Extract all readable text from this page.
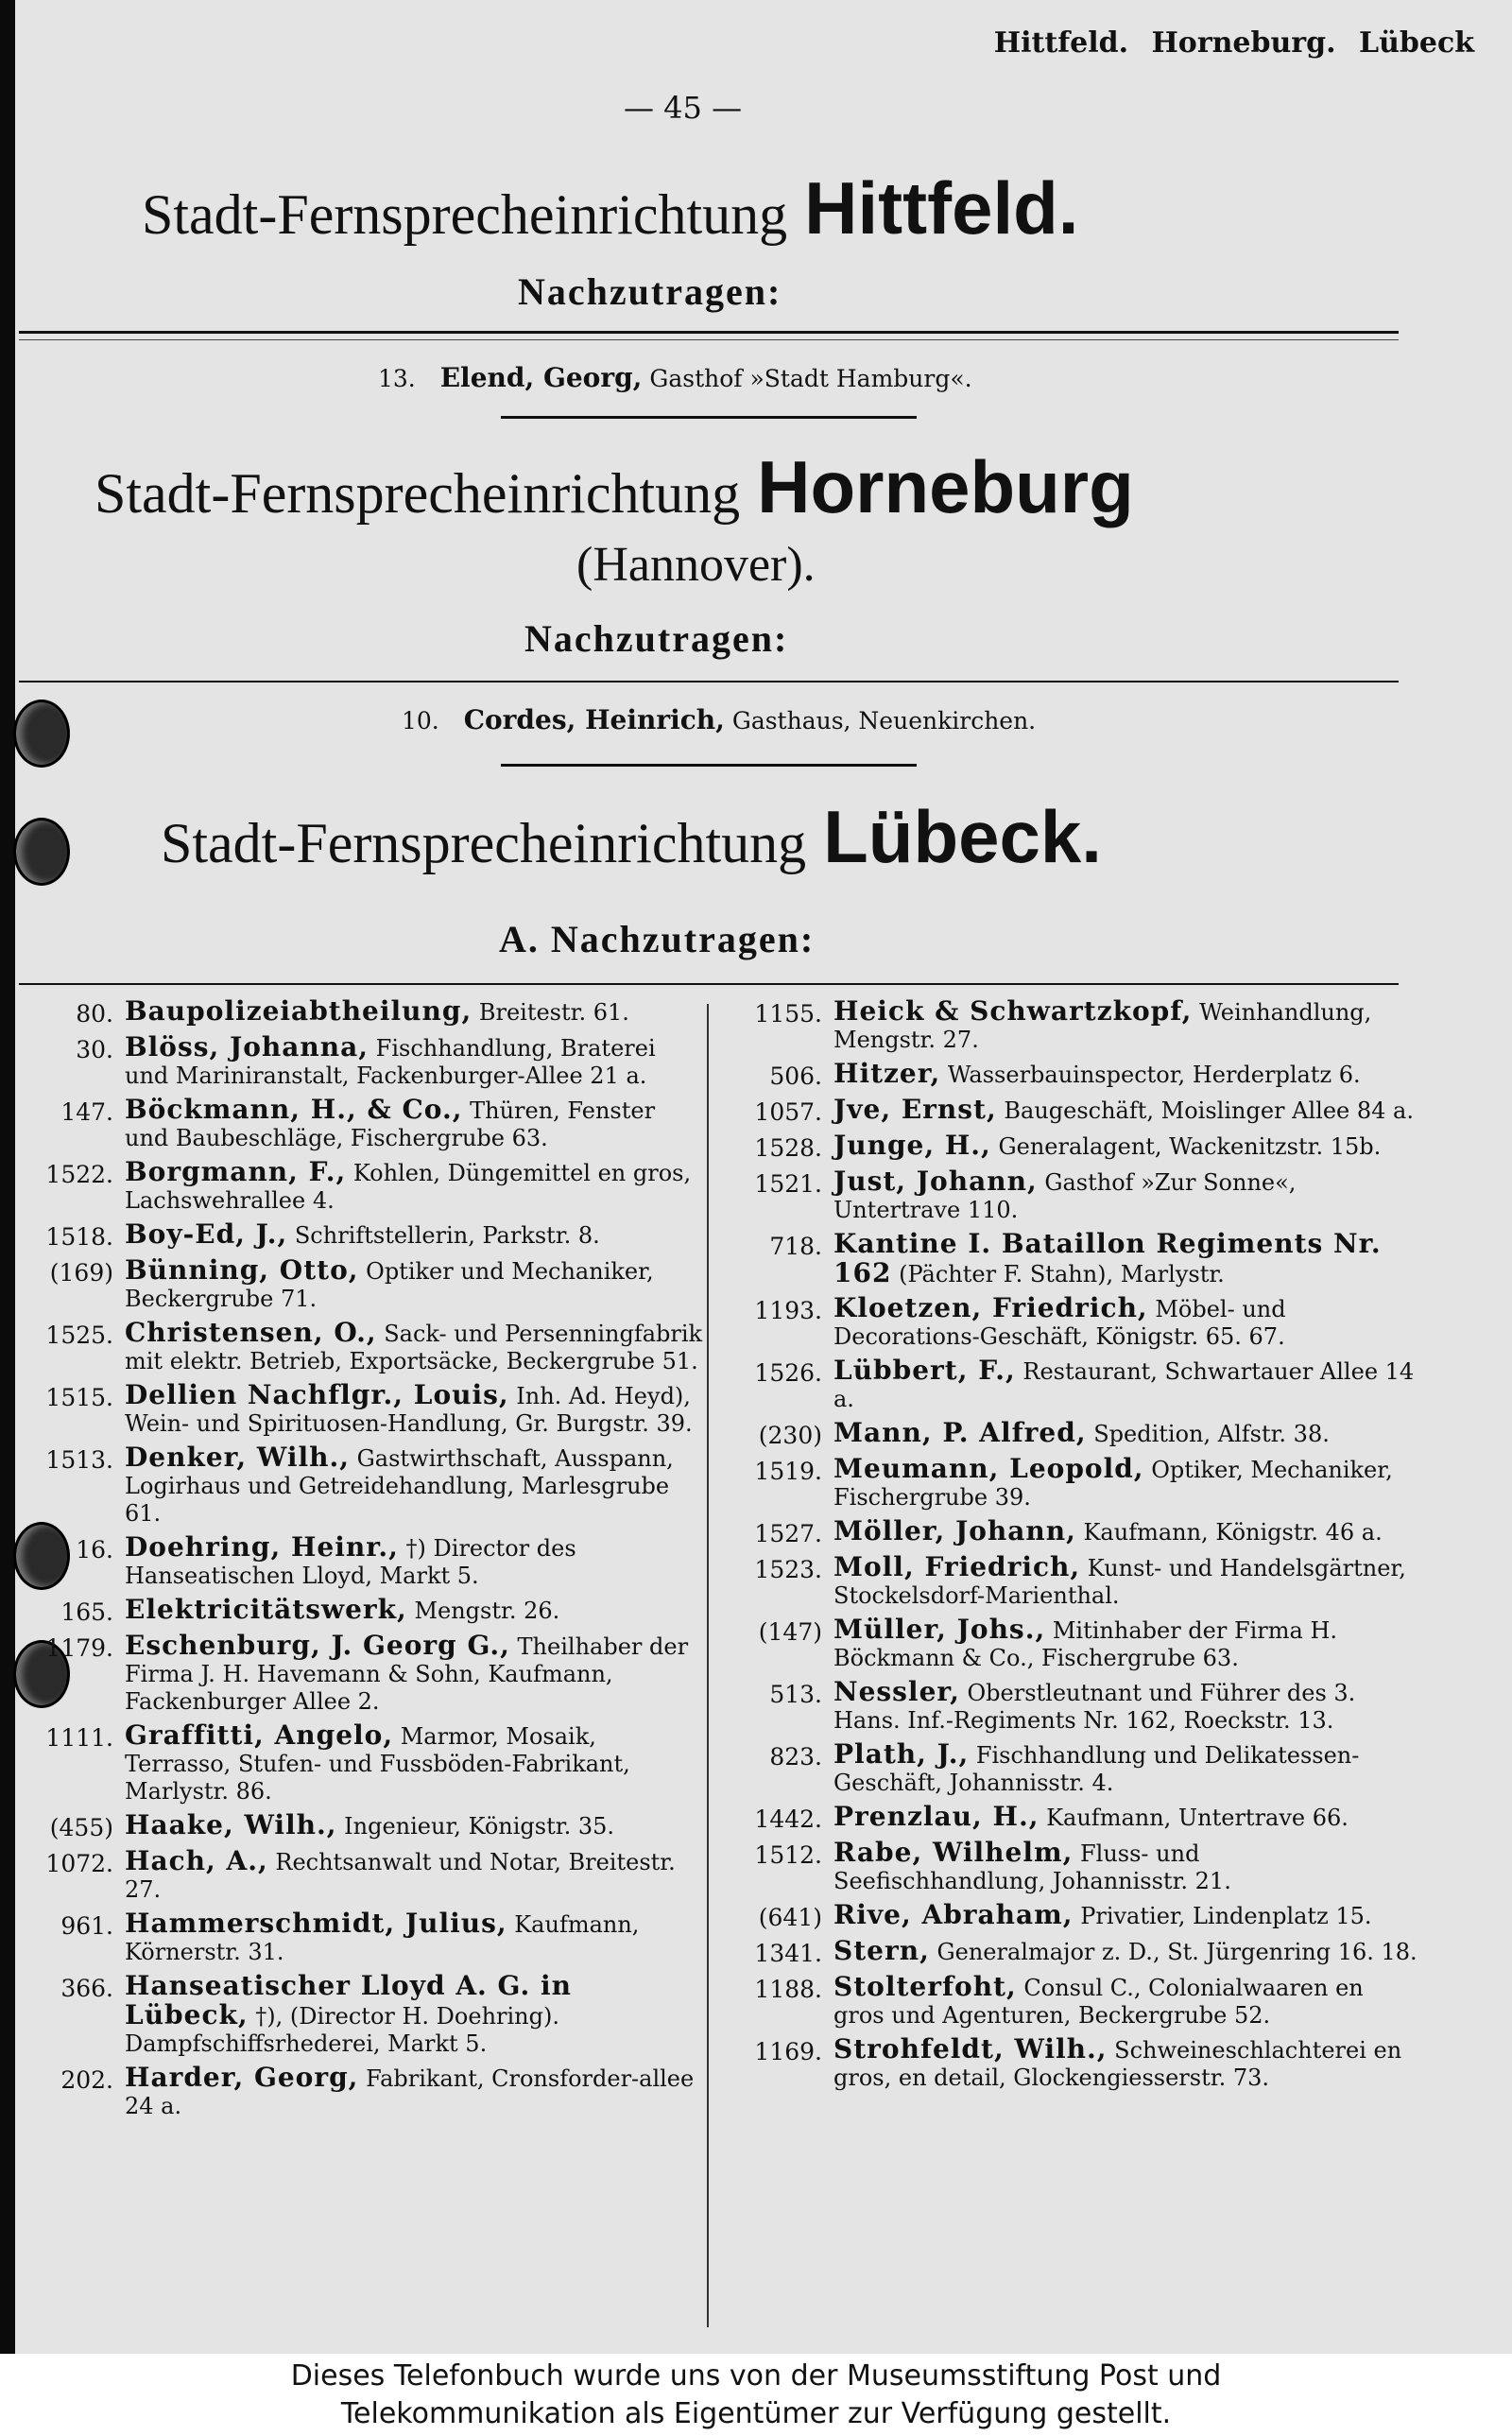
Hittfeld. Horneburg. Lübeck
— 45 —
Stadt-Fernsprecheinrichtung Hittfeld.
Nachzutragen:
13. Elend, Georg, Gasthof »Stadt Hamburg«.
Stadt-Fernsprecheinrichtung Horneburg
(Hannover).
Nachzutragen:
10. Cordes, Heinrich, Gasthaus, Neuenkirchen.
Stadt-Fernsprecheinrichtung Lübeck.
A. Nachzutragen:
80. Baupolizeiabtheilung, Breitestr. 61.
30. Blöss, Johanna, Fischhandlung, Braterei und Mariniranstalt, Fackenburger-Allee 21 a.
147. Böckmann, H., & Co., Thüren, Fenster und Baubeschläge, Fischergrube 63.
1522. Borgmann, F., Kohlen, Düngemittel en gros, Lachswehrallee 4.
1518. Boy-Ed, J., Schriftstellerin, Parkstr. 8.
(169) Bünning, Otto, Optiker und Mechaniker, Beckergrube 71.
1525. Christensen, O., Sack- und Persenningfabrik mit elektr. Betrieb, Exportsäcke, Beckergrube 51.
1515. Dellien Nachflgr., Louis, Inh. Ad. Heyd), Wein- und Spirituosen-Handlung, Gr. Burgstr. 39.
1513. Denker, Wilh., Gastwirthschaft, Ausspann, Logirhaus und Getreidehandlung, Marlesgrube 61.
16. Doehring, Heinr., †) Director des Hanseatischen Lloyd, Markt 5.
165. Elektricitätswerk, Mengstr. 26.
1179. Eschenburg, J. Georg G., Theilhaber der Firma J. H. Havemann & Sohn, Kaufmann, Fackenburger Allee 2.
1111. Graffitti, Angelo, Marmor, Mosaik, Terrasso, Stufen- und Fussböden-Fabrikant, Marlystr. 86.
(455) Haake, Wilh., Ingenieur, Königstr. 35.
1072. Hach, A., Rechtsanwalt und Notar, Breitestr. 27.
961. Hammerschmidt, Julius, Kaufmann, Körnerstr. 31.
366. Hanseatischer Lloyd A. G. in Lübeck, †), (Director H. Doehring). Dampfschiffsrhederei, Markt 5.
202. Harder, Georg, Fabrikant, Cronsforder-allee 24 a.
1155. Heick & Schwartzkopf, Weinhandlung, Mengstr. 27.
506. Hitzer, Wasserbauinspector, Herderplatz 6.
1057. Jve, Ernst, Baugeschäft, Moislinger Allee 84 a.
1528. Junge, H., Generalagent, Wackenitzstr. 15b.
1521. Just, Johann, Gasthof »Zur Sonne«, Untertrave 110.
718. Kantine I. Bataillon Regiments Nr. 162 (Pächter F. Stahn), Marlystr.
1193. Kloetzen, Friedrich, Möbel- und Decorations-Geschäft, Königstr. 65. 67.
1526. Lübbert, F., Restaurant, Schwartauer Allee 14 a.
(230) Mann, P. Alfred, Spedition, Alfstr. 38.
1519. Meumann, Leopold, Optiker, Mechaniker, Fischergrube 39.
1527. Möller, Johann, Kaufmann, Königstr. 46 a.
1523. Moll, Friedrich, Kunst- und Handelsgärtner, Stockelsdorf-Marienthal.
(147) Müller, Johs., Mitinhaber der Firma H. Böckmann & Co., Fischergrube 63.
513. Nessler, Oberstleutnant und Führer des 3. Hans. Inf.-Regiments Nr. 162, Roeckstr. 13.
823. Plath, J., Fischhandlung und Delikatessen-Geschäft, Johannisstr. 4.
1442. Prenzlau, H., Kaufmann, Untertrave 66.
1512. Rabe, Wilhelm, Fluss- und Seefischhandlung, Johannisstr. 21.
(641) Rive, Abraham, Privatier, Lindenplatz 15.
1341. Stern, Generalmajor z. D., St. Jürgenring 16. 18.
1188. Stolterfoht, Consul C., Colonialwaaren en gros und Agenturen, Beckergrube 52.
1169. Strohfeldt, Wilh., Schweineschlachterei en gros, en detail, Glockengiesserstr. 73.
Dieses Telefonbuch wurde uns von der Museumsstiftung Post und
Telekommunikation als Eigentümer zur Verfügung gestellt.
